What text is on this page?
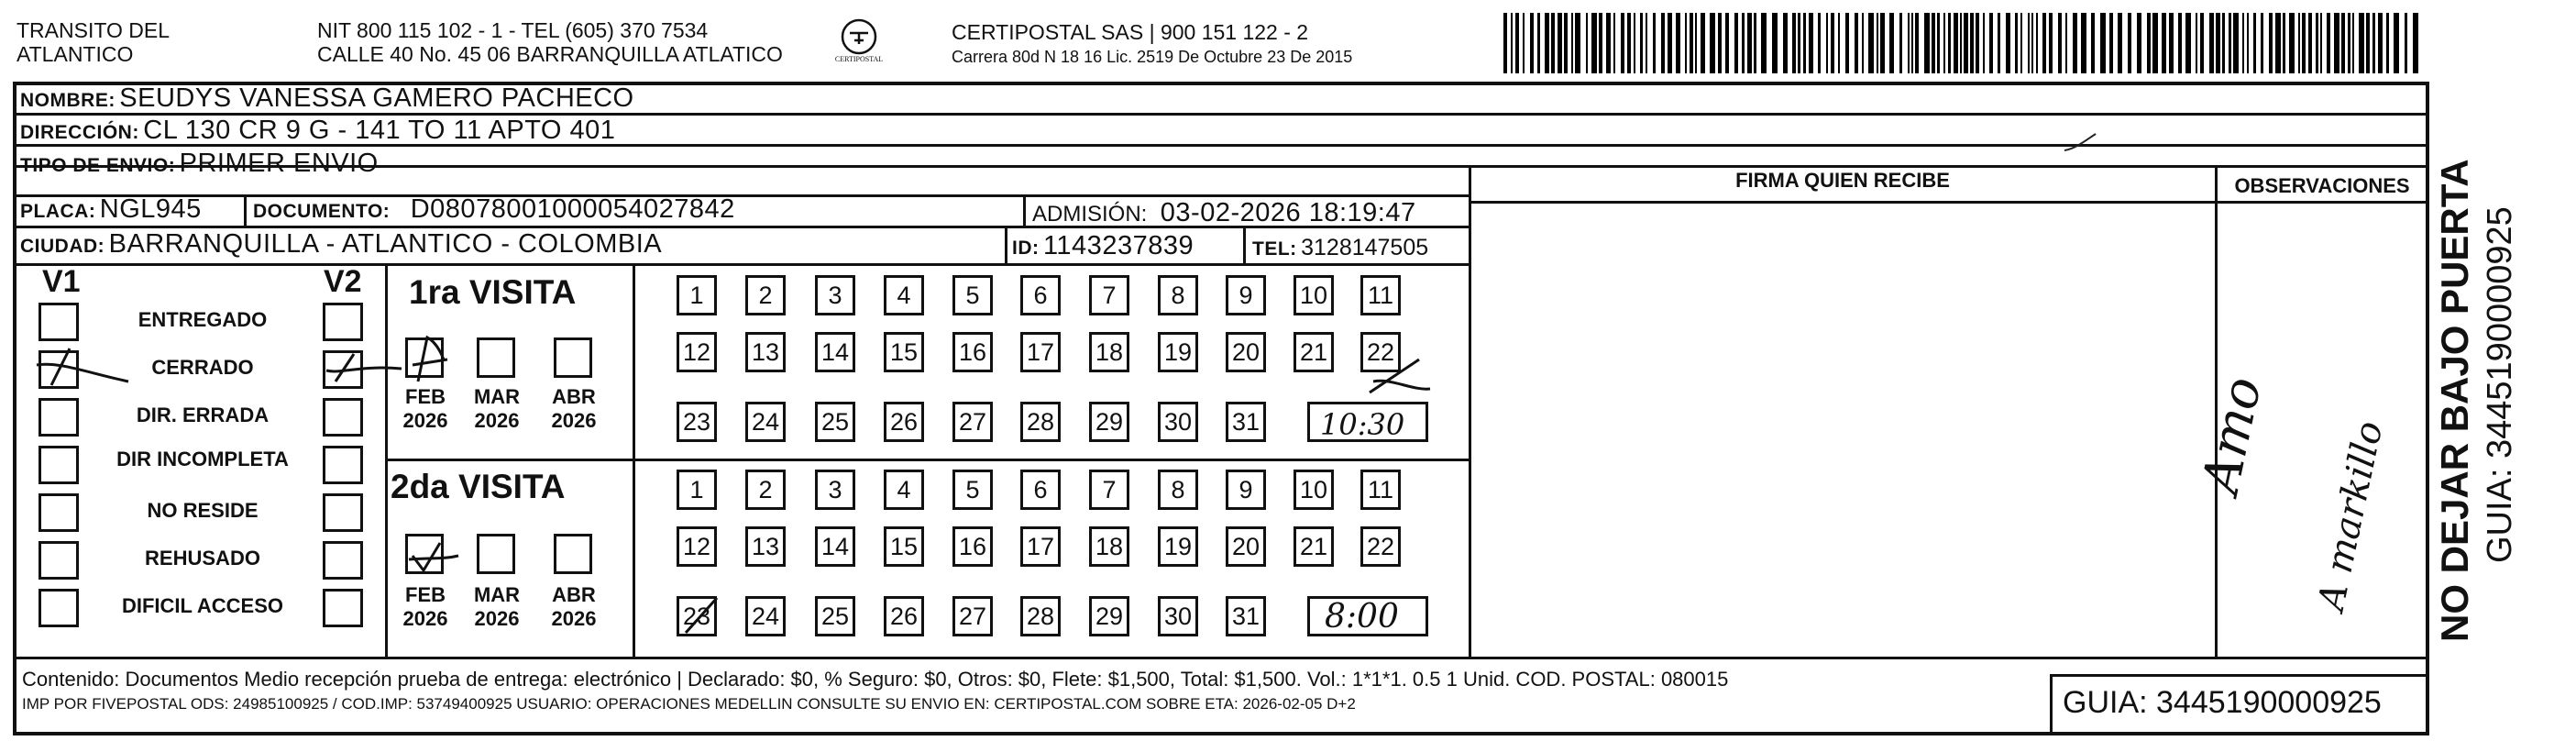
TRANSITO DEL
ATLANTICO
NIT 800 115 102 - 1 - TEL (605) 370 7534
CALLE 40 No. 45 06 BARRANQUILLA ATLATICO	CERTIPOSTAL
CERTIPOSTAL SAS | 900 151 122 - 2
Carrera 80d N 18 16 Lic. 2519 De Octubre 23 De 2015
NOMBRE: SEUDYS VANESSA GAMERO PACHECO
DIRECCIÓN: CL 130 CR 9 G - 141 TO 11 APTO 401
TIPO DE ENVIO: PRIMER ENVIO
PLACA: NGL945	DOCUMENTO: D08078001000054027842	ADMISIÓN: 03-02-2026 18:19:47
CIUDAD: BARRANQUILLA - ATLANTICO - COLOMBIA	ID: 1143237839	TEL: 3128147505
FIRMA QUIEN RECIBE	OBSERVACIONES
V1	V2
ENTREGADO
CERRADO
DIR. ERRADA
DIR INCOMPLETA
NO RESIDE
REHUSADO
DIFICIL ACCESO
1ra VISITA
2da VISITA
FEB
2026
MAR
2026
ABR
2026
FEB
2026
MAR
2026
ABR
2026
1	2	3	4	5	6	7	8	9	10 11
12 13 14 15 16 17 18 19 20 21 22
23 24 25 26 27 28 29 30 31
1	2	3	4	5	6	7	8	9	10 11
12 13 14 15 16 17 18 19 20 21 22
23 24 25 26 27 28 29 30 31
10:30
8:00
Amo A markillo
Contenido: Documentos Medio recepción prueba de entrega: electrónico | Declarado: $0, % Seguro: $0, Otros: $0, Flete: $1,500, Total: $1,500. Vol.: 1*1*1. 0.5 1 Unid. COD. POSTAL: 080015
IMP POR FIVEPOSTAL ODS: 24985100925 / COD.IMP: 53749400925 USUARIO: OPERACIONES MEDELLIN CONSULTE SU ENVIO EN: CERTIPOSTAL.COM SOBRE ETA: 2026-02-05 D+2	GUIA: 3445190000925
NO DEJAR BAJO PUERTA GUIA: 3445190000925
